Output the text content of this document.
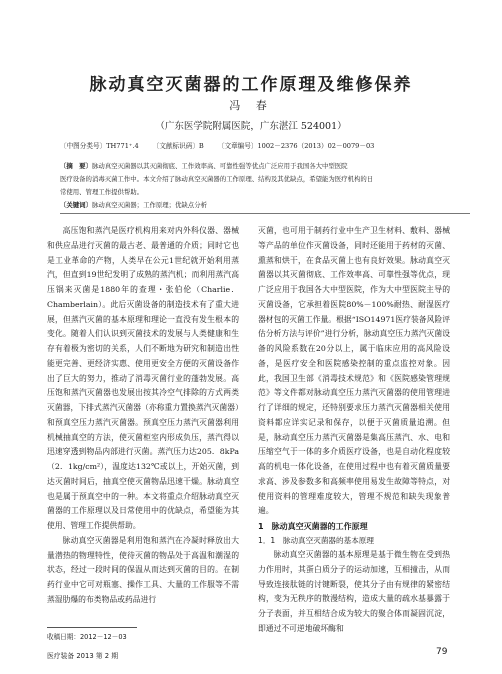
脉动真空灭菌器的工作原理及维修保养
冯 春
（广东医学院附属医院，广东湛江 524001）
〔中图分类号〕TH771⁺.4 〔文献标识码〕B 〔文章编号〕1002－2376（2013）02－0079－03

〔摘　要〕脉动真空灭菌器以其灭菌彻底、工作效率高、可靠性强等优点广泛应用于我国各大中型医院

医疗设备的消毒灭菌工作中。本文介绍了脉动真空灭菌器的工作原理、结构及其优缺点，希望能为医疗机构的日

常使用、管理工作提供帮助。

〔关键词〕脉动真空灭菌器；工作原理；优缺点分析

高压饱和蒸汽是医疗机构用来对内外科仪器、器械和供应品进行灭菌的最古老、最普通的介质；同时它也是工业革命的产物，人类早在公元1世纪就开始利用蒸汽，但直到19世纪发明了成熟的蒸汽机；而利用蒸汽高压锅来灭菌是1880年的查理・张伯伦（Charlie．Chamberlain）。此后灭菌设备的制造技术有了重大进展，但蒸汽灭菌的基本原理和理论一直没有发生根本的变化。随着人们认识到灭菌技术的发展与人类健康和生存有着极为密切的关系，人们不断地为研究和制造出性能更完善、更经济实惠、使用更安全方便的灭菌设备作出了巨大的努力，推动了消毒灭菌行业的蓬勃发展。高压饱和蒸汽灭菌器也发展出按其冷空气排除的方式两类灭菌器，下排式蒸汽灭菌器（亦称重力置换蒸汽灭菌器）和预真空压力蒸汽灭菌器。预真空压力蒸汽灭菌器利用机械抽真空的方法，使灭菌柜室内形成负压，蒸汽得以迅速穿透到物品内部进行灭菌。蒸汽压力达205．8kPa（2．1kg/cm²），温度达132℃或以上，开始灭菌，到达灭菌时间后，抽真空使灭菌物品迅速干燥。脉动真空也是属于预真空中的一种。本文将重点介绍脉动真空灭菌器的工作原理以及日常使用中的优缺点，希望能为其使用、管理工作提供帮助。

脉动真空灭菌器是利用饱和蒸汽在冷凝时释放出大量潜热的物理特性，使待灭菌的物品处于高温和潮湿的状态，经过一段时间的保温从而达到灭菌的目的。在制药行业中它可对瓶塞、操作工具、大量的工作服等不需蒸湿肋爆的布类物品或药品进行

灭菌，也可用于制药行业中生产卫生材料、敷料、器械等产品的单位作灭菌设备，同时还能用于药材的灭菌、熏蒸和烘干，在食品灭菌上也有良好效果。脉动真空灭菌器以其灭菌彻底、工作效率高、可靠性强等优点，现广泛应用于我国各大中型医院，作为大中型医院主导的灭菌设备，它承担着医院80%－100%耐热、耐湿医疗器材包的灭菌工作量。根据“ISO14971医疗装备风险评估分析方法与评价”进行分析，脉动真空压力蒸汽灭菌设备的风险系数在20分以上，属于临床应用的高风险设备，是医疗安全和医院感染控制的重点监控对象。因此，我国卫生部《消毒技术规范》和《医院感染管理规范》等文件都对脉动真空压力蒸汽灭菌器的使用管理进行了详细的规定，还特别要求压力蒸汽灭菌器相关使用资料都应详实记录和保存，以便于灭菌质量追溯。但是，脉动真空压力蒸汽灭菌器是集高压蒸汽、水、电和压缩空气于一体的多介质医疗设备，也是自动化程度较高的机电一体化设备，在使用过程中也有着灭菌质量要求高、涉及参数多和高频率使用易发生故障等特点，对使用资料的管理难度较大，管理不规范和缺失现象普遍。

1　脉动真空灭菌器的工作原理
1．1　脉动真空灭菌器的基本原理

脉动真空灭菌器的基本原理是基于微生物在受到热力作用时，其蛋白质分子的运动加速，互相撞击，从而导致连接肽链的讨键断裂，使其分子由有规律的紧密结构，变为无秩序的散漫结构，造成大量的疏水基暴露于分子表面，并互相结合成为较大的聚合体而凝固沉淀，即通过不可逆地破坏酶和

收稿日期：2012－12－03
医疗装备 2013 第 2 期	79
